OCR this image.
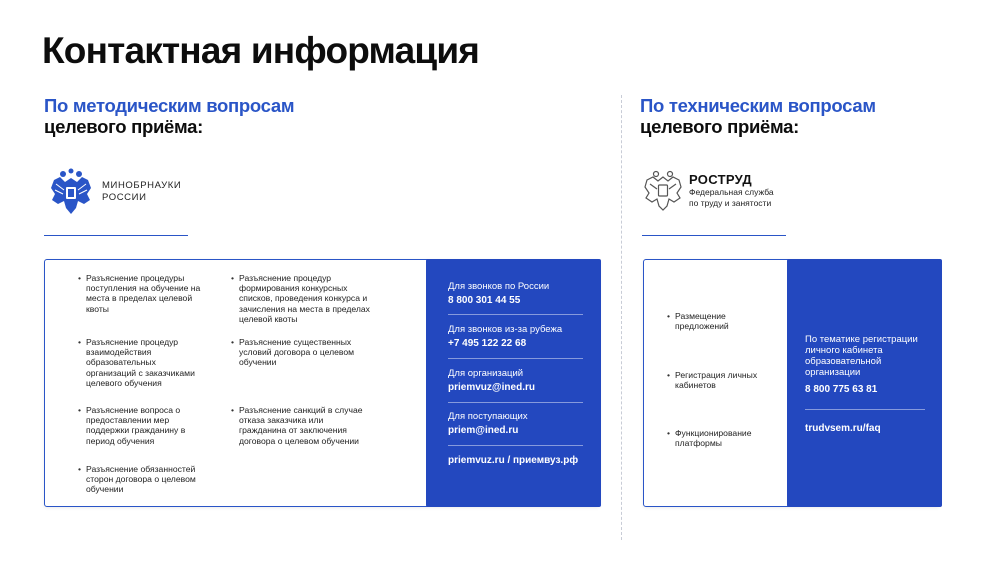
Контактная информация
По методическим вопросам
целевого приёма:
МИНОБРНАУКИ
РОССИИ
• Разъяснение процедуры поступления на обучение на места в пределах целевой квоты
• Разъяснение процедур взаимодействия образовательных организаций с заказчиками целевого обучения
• Разъяснение вопроса о предоставлении мер поддержки гражданину в период обучения
• Разъяснение обязанностей сторон договора о целевом обучении
• Разъяснение процедур формирования конкурсных списков, проведения конкурса и зачисления на места в пределах целевой квоты
• Разъяснение существенных условий договора о целевом обучении
• Разъяснение санкций в случае отказа заказчика или гражданина от заключения договора о целевом обучении
Для звонков по России
8 800 301 44 55
Для звонков из-за рубежа
+7 495 122 22 68
Для организаций
priemvuz@ined.ru
Для поступающих
priem@ined.ru
priemvuz.ru / приемвуз.рф
По техническим вопросам
целевого приёма:
РОСТРУД
Федеральная служба
по труду и занятости
• Размещение предложений
• Регистрация личных кабинетов
• Функционирование платформы
По тематике регистрации личного кабинета образовательной организации
8 800 775 63 81
trudvsem.ru/faq
